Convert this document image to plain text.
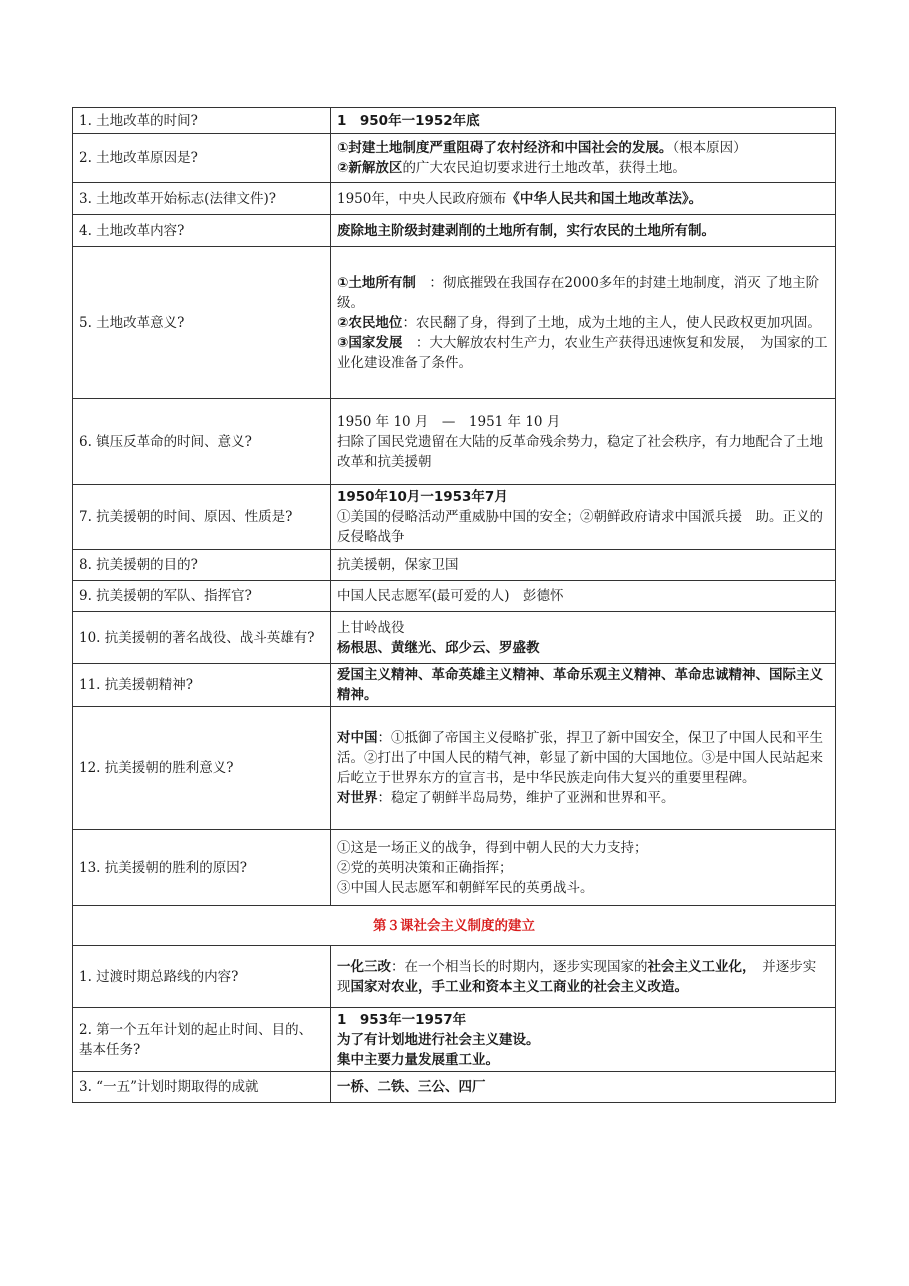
1. 土地改革的时间?	1　950年一1952年底

2. 土地改革原因是?	①封建土地制度严重阻碍了农村经济和中国社会的发展。（根本原因）
②新解放区的广大农民迫切要求进行土地改革，获得土地。

3. 土地改革开始标志(法律文件)?	1950年，中央人民政府颁布《中华人民共和国土地改革法》。

4. 土地改革内容?	废除地主阶级封建剥削的土地所有制，实行农民的土地所有制。

5. 土地改革意义?	①土地所有制　：彻底摧毁在我国存在2000多年的封建土地制度，消灭 了地主阶级。
②农民地位：农民翻了身，得到了土地，成为土地的主人，使人民政权更加巩固。
③国家发展　：大大解放农村生产力，农业生产获得迅速恢复和发展，　为国家的工业化建设准备了条件。

6. 镇压反革命的时间、意义?	1950 年 10 月　—　1951 年 10 月
扫除了国民党遗留在大陆的反革命残余势力，稳定了社会秩序，有力地配合了土地改革和抗美援朝

7. 抗美援朝的时间、原因、性质是?	1950年10月一1953年7月
①美国的侵略活动严重威胁中国的安全；②朝鲜政府请求中国派兵援　助。正义的反侵略战争

8. 抗美援朝的目的?	抗美援朝，保家卫国

9. 抗美援朝的军队、指挥官?	中国人民志愿军(最可爱的人)　彭德怀

10. 抗美援朝的著名战役、战斗英雄有?	上甘岭战役
杨根思、黄继光、邱少云、罗盛教

11. 抗美援朝精神?	爱国主义精神、革命英雄主义精神、革命乐观主义精神、革命忠诚精神、国际主义精神。

12. 抗美援朝的胜利意义?	对中国：①抵御了帝国主义侵略扩张，捍卫了新中国安全，保卫了中国人民和平生活。②打出了中国人民的精气神，彰显了新中国的大国地位。③是中国人民站起来后屹立于世界东方的宣言书，是中华民族走向伟大复兴的重要里程碑。
对世界：稳定了朝鲜半岛局势，维护了亚洲和世界和平。

13. 抗美援朝的胜利的原因?	①这是一场正义的战争，得到中朝人民的大力支持；
②党的英明决策和正确指挥；
③中国人民志愿军和朝鲜军民的英勇战斗。

第３课社会主义制度的建立	
1. 过渡时期总路线的内容?	一化三改：在一个相当长的时期内，逐步实现国家的社会主义工业化，　并逐步实现国家对农业，手工业和资本主义工商业的社会主义改造。

2. 第一个五年计划的起止时间、目的、基本任务?	1　953年一1957年
为了有计划地进行社会主义建设。
集中主要力量发展重工业。

3. “一五”计划时期取得的成就	一桥、二铁、三公、四厂
